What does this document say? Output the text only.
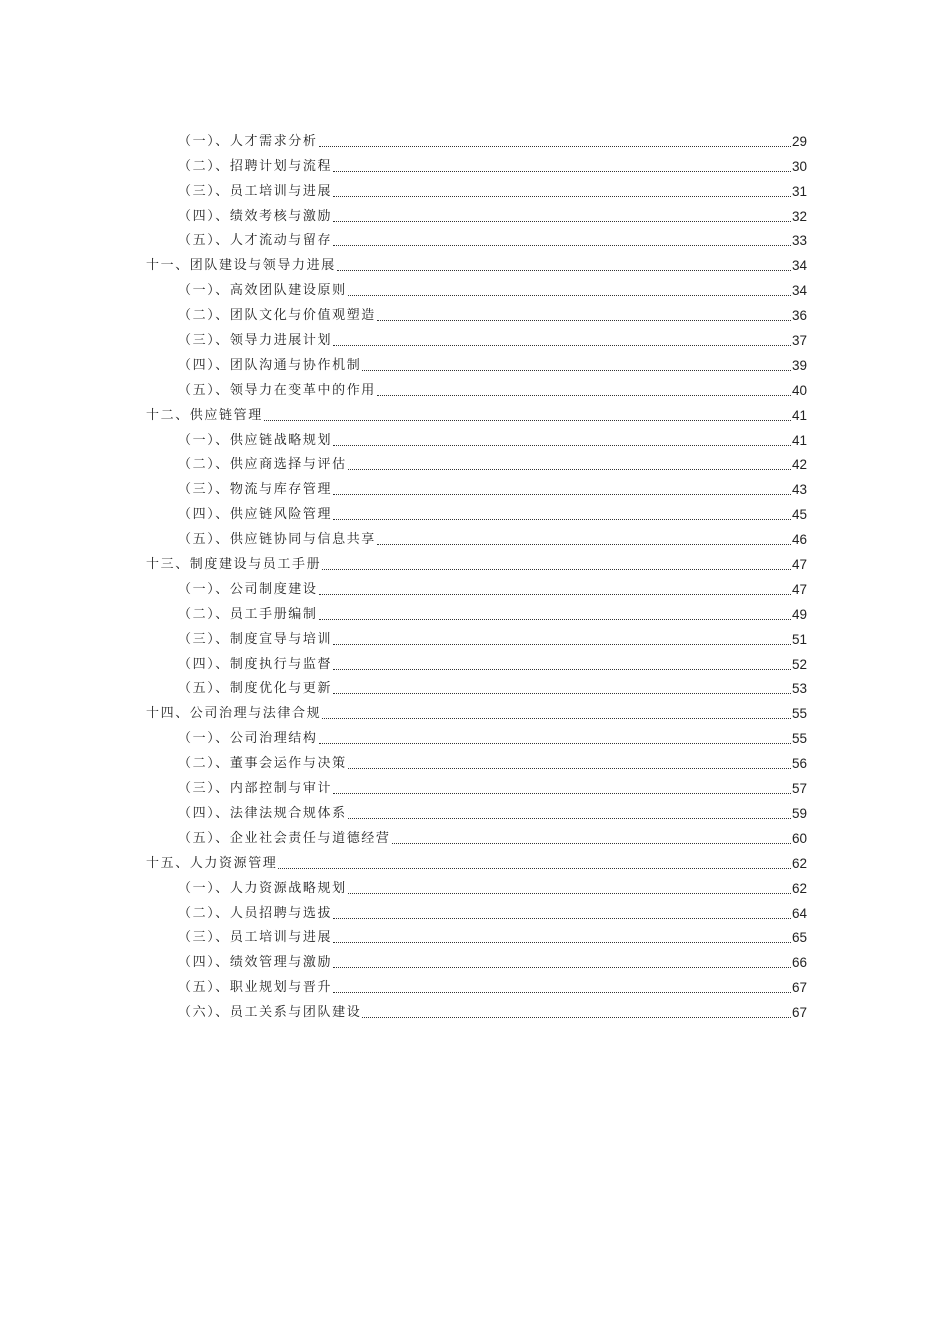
（一）、人才需求分析	29
（二）、招聘计划与流程	30
（三）、员工培训与进展	31
（四）、绩效考核与激励	32
（五）、人才流动与留存	33
十一、团队建设与领导力进展	34
（一）、高效团队建设原则	34
（二）、团队文化与价值观塑造	36
（三）、领导力进展计划	37
（四）、团队沟通与协作机制	39
（五）、领导力在变革中的作用	40
十二、供应链管理	41
（一）、供应链战略规划	41
（二）、供应商选择与评估	42
（三）、物流与库存管理	43
（四）、供应链风险管理	45
（五）、供应链协同与信息共享	46
十三、制度建设与员工手册	47
（一）、公司制度建设	47
（二）、员工手册编制	49
（三）、制度宣导与培训	51
（四）、制度执行与监督	52
（五）、制度优化与更新	53
十四、公司治理与法律合规	55
（一）、公司治理结构	55
（二）、董事会运作与决策	56
（三）、内部控制与审计	57
（四）、法律法规合规体系	59
（五）、企业社会责任与道德经营	60
十五、人力资源管理	62
（一）、人力资源战略规划	62
（二）、人员招聘与选拔	64
（三）、员工培训与进展	65
（四）、绩效管理与激励	66
（五）、职业规划与晋升	67
（六）、员工关系与团队建设	67
